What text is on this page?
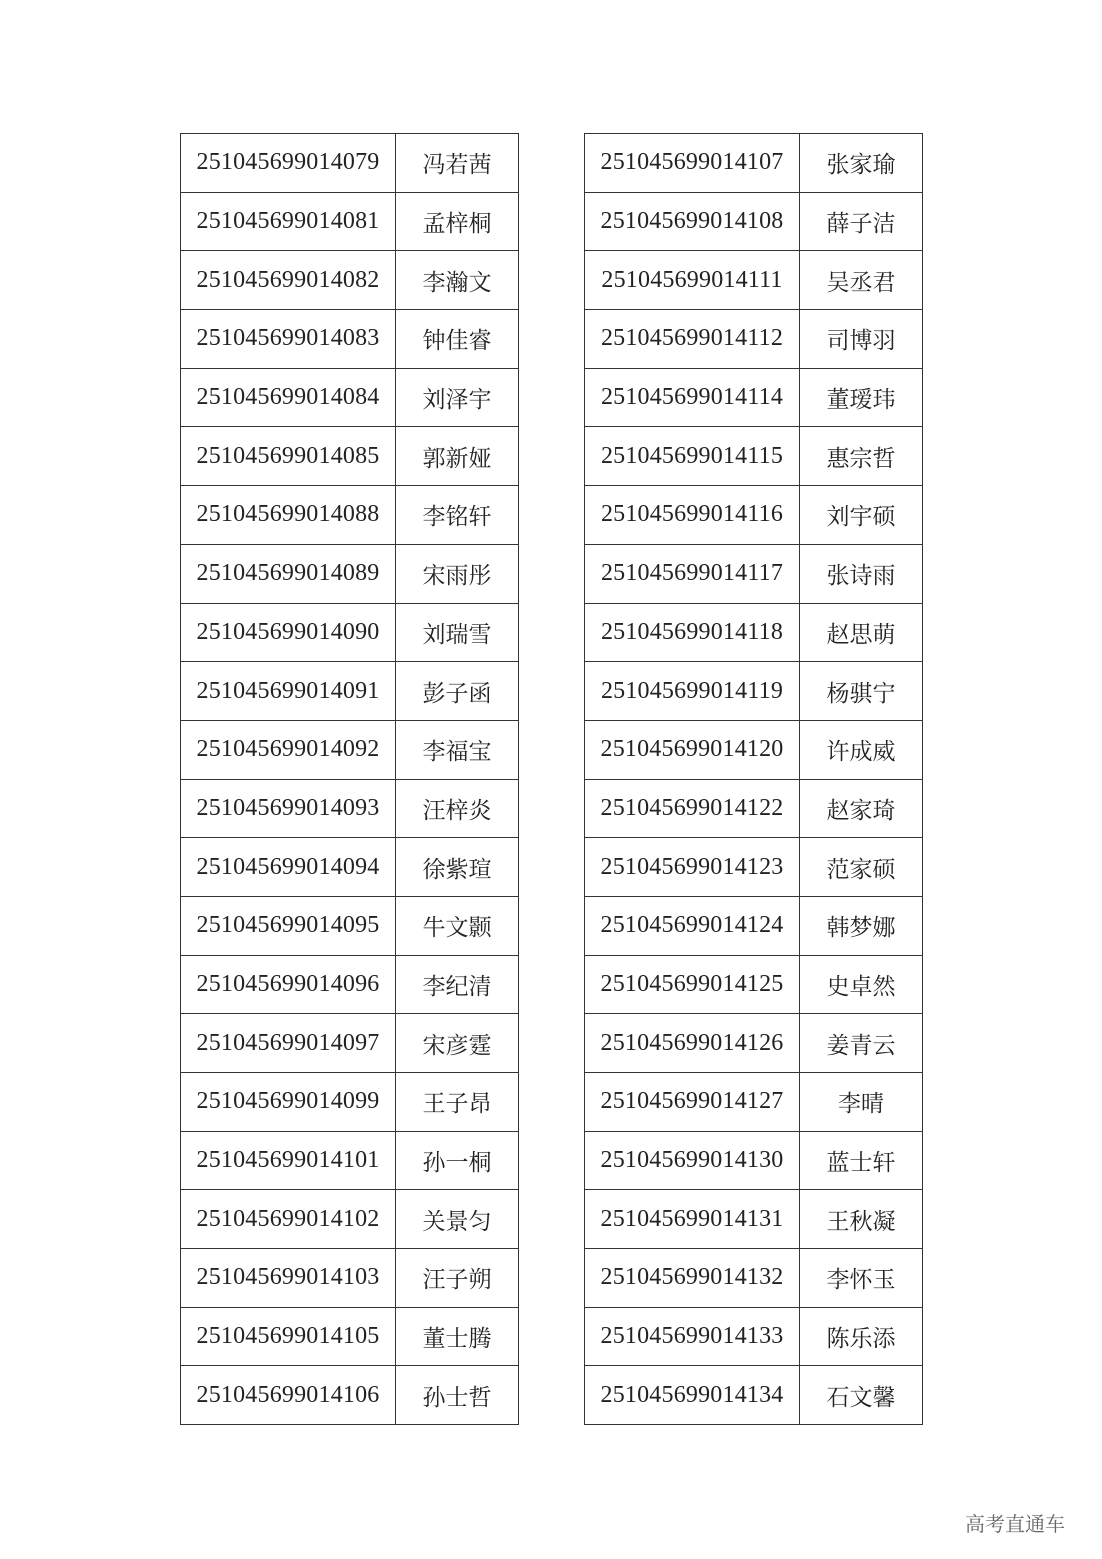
251045699014079	冯若茜
251045699014081	孟梓桐
251045699014082	李瀚文
251045699014083	钟佳睿
251045699014084	刘泽宇
251045699014085	郭新娅
251045699014088	李铭轩
251045699014089	宋雨彤
251045699014090	刘瑞雪
251045699014091	彭子函
251045699014092	李福宝
251045699014093	汪梓炎
251045699014094	徐紫瑄
251045699014095	牛文颢
251045699014096	李纪清
251045699014097	宋彦霆
251045699014099	王子昂
251045699014101	孙一桐
251045699014102	关景匀
251045699014103	汪子朔
251045699014105	董士腾
251045699014106	孙士哲
251045699014107	张家瑜
251045699014108	薛子洁
251045699014111	吴丞君
251045699014112	司博羽
251045699014114	董瑷玮
251045699014115	惠宗哲
251045699014116	刘宇硕
251045699014117	张诗雨
251045699014118	赵思萌
251045699014119	杨骐宁
251045699014120	许成威
251045699014122	赵家琦
251045699014123	范家硕
251045699014124	韩梦娜
251045699014125	史卓然
251045699014126	姜青云
251045699014127	李晴
251045699014130	蓝士轩
251045699014131	王秋凝
251045699014132	李怀玉
251045699014133	陈乐添
251045699014134	石文馨
高考直通车
